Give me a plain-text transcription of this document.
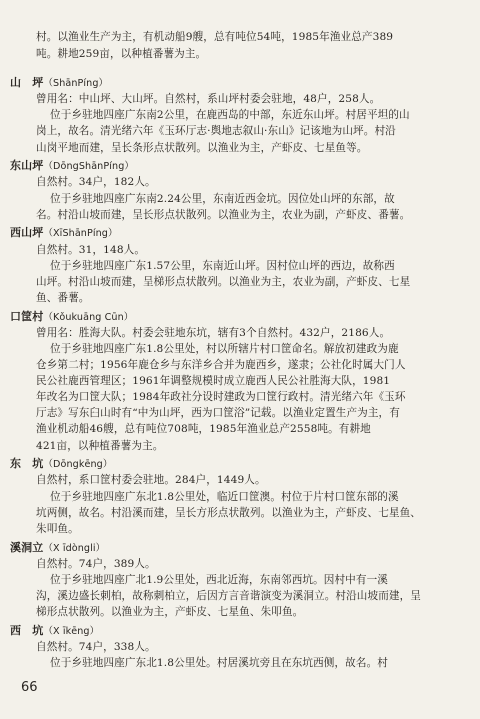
村。以渔业生产为主，有机动船9艘，总有吨位54吨，1985年渔业总产389
吨。耕地259亩，以种植番薯为主。
山　坪（ShānPíng）
曾用名：中山坪、大山坪。自然村，系山坪村委会驻地，48户，258人。
位于乡驻地四座广东南2公里，在鹿西岛的中部，东近东山坪。村居平坦的山
岗上，故名。清光绪六年《玉环厅志·舆地志叙山·东山》记该地为山坪。村沿
山岗平地而建，呈长条形点状散列。以渔业为主，产虾皮、七星鱼等。
东山坪（DōngShānPíng）
自然村。34户，182人。
位于乡驻地四座广东南2.24公里，东南近西金坑。因位处山坪的东部，故
名。村沿山坡而建，呈长形点状散列。以渔业为主，农业为副，产虾皮、番薯。
西山坪（XīShānPíng）
自然村。31，148人。
位于乡驻地四座广东1.57公里，东南近山坪。因村位山坪的西边，故称西
山坪。村沿山坡而建，呈梯形点状散列。以渔业为主，农业为副，产虾皮、七星
鱼、番薯。
口筐村（Kǒukuāng Cūn）
曾用名：胜海大队。村委会驻地东坑，辖有3个自然村。432户，2186人。
位于乡驻地四座广东1.8公里处，村以所辖片村口筐命名。解放初建政为鹿
仓乡第二村；1956年鹿仓乡与东洋乡合并为鹿西乡，遂隶；公社化时属大门人
民公社鹿西管理区；1961年调整规模时成立鹿西人民公社胜海大队，1981
年改名为口筐大队；1984年政社分设时建政为口筐行政村。清光绪六年《玉环
厅志》写东臼山时有“中为山坪，西为口筐浴”记载。以渔业定置生产为主，有
渔业机动船46艘，总有吨位708吨，1985年渔业总产2558吨。有耕地
421亩，以种植番薯为主。
东　坑（Dōngkēng）
自然村，系口筐村委会驻地。284户，1449人。
位于乡驻地四座广东北1.8公里处，临近口筐澳。村位于片村口筐东部的溪
坑两侧，故名。村沿溪而建，呈长方形点状散列。以渔业为主，产虾皮、七星鱼、
朱叩鱼。
溪洞立（X īdòngli）
自然村。74户，389人。
位于乡驻地四座广北1.9公里处，西北近海，东南邻西坑。因村中有一溪
沟，溪边盛长刺柏，故称刺柏立，后因方言音谐演变为溪洞立。村沿山坡而建，呈
梯形点状散列。以渔业为主，产虾皮、七星鱼、朱叩鱼。
西　坑（X īkēng）
自然村。74户，338人。
位于乡驻地四座广东北1.8公里处。村居溪坑旁且在东坑西侧，故名。村
66
